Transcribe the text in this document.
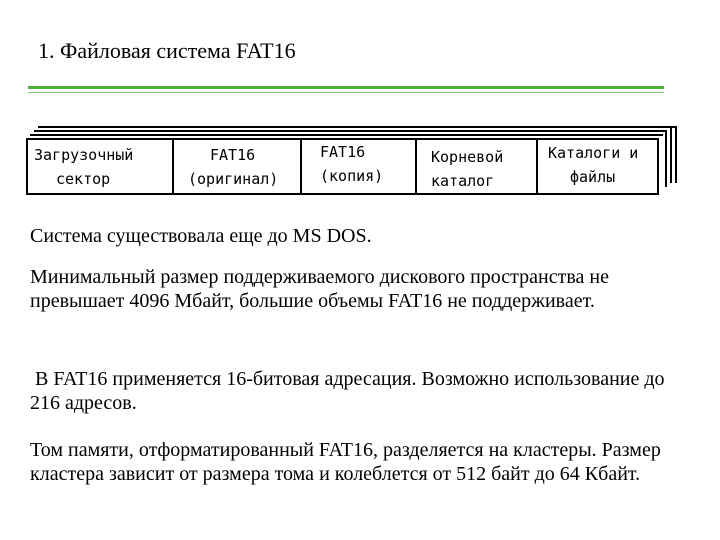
1. Файловая система FAT16
Загрузочный
сектор
FAT16
(оригинал)
FAT16
(копия)
Корневой
каталог
Каталоги и
файлы
Система существовала еще до MS DOS.
Минимальный размер поддерживаемого дискового пространства не превышает 4096 Мбайт, большие объемы FAT16 не поддерживает.
В FAT16 применяется 16-битовая адресация. Возможно использование до 216 адресов.
Том памяти, отформатированный FAT16, разделяется на кластеры. Размер кластера зависит от размера тома и колеблется от 512 байт до 64 Кбайт.
